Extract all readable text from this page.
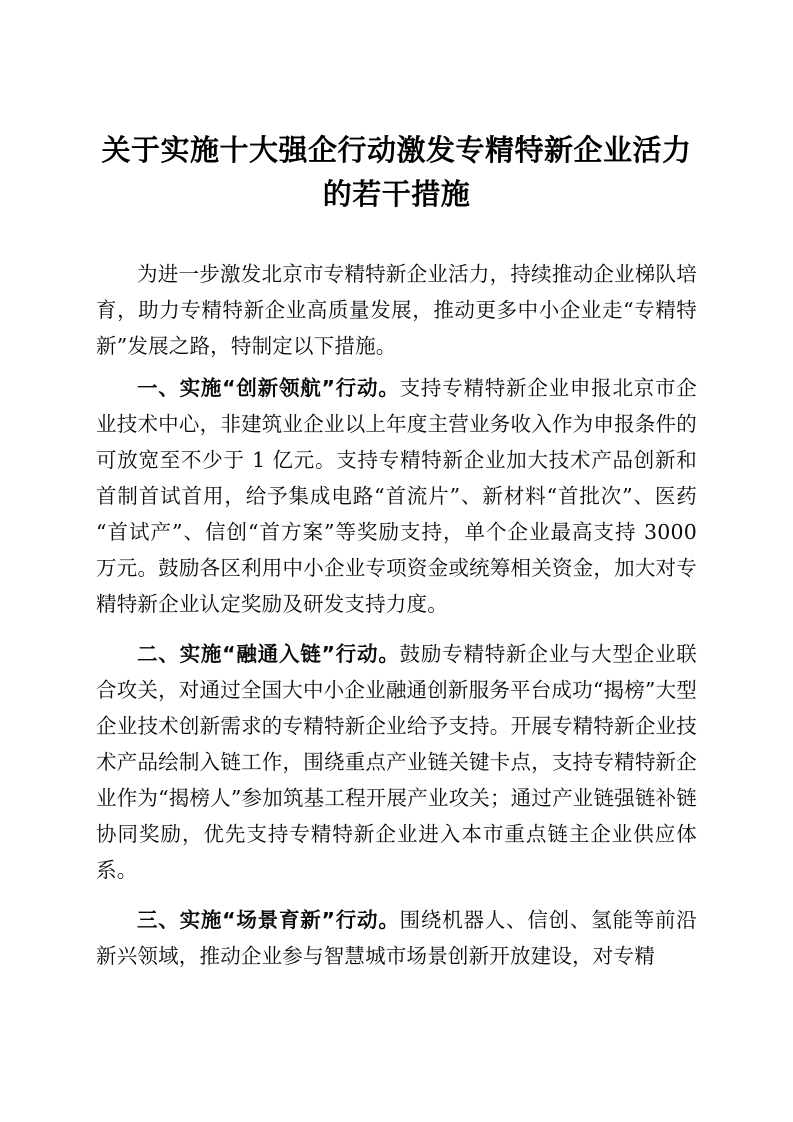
关于实施十大强企行动激发专精特新企业活力的若干措施

为进一步激发北京市专精特新企业活力，持续推动企业梯队培育，助力专精特新企业高质量发展，推动更多中小企业走“专精特新”发展之路，特制定以下措施。

一、实施“创新领航”行动。支持专精特新企业申报北京市企业技术中心，非建筑业企业以上年度主营业务收入作为申报条件的可放宽至不少于 1 亿元。支持专精特新企业加大技术产品创新和首制首试首用，给予集成电路“首流片”、新材料“首批次”、医药“首试产”、信创“首方案”等奖励支持，单个企业最高支持 3000 万元。鼓励各区利用中小企业专项资金或统筹相关资金，加大对专精特新企业认定奖励及研发支持力度。

二、实施“融通入链”行动。鼓励专精特新企业与大型企业联合攻关，对通过全国大中小企业融通创新服务平台成功“揭榜”大型企业技术创新需求的专精特新企业给予支持。开展专精特新企业技术产品绘制入链工作，围绕重点产业链关键卡点，支持专精特新企业作为“揭榜人”参加筑基工程开展产业攻关；通过产业链强链补链协同奖励，优先支持专精特新企业进入本市重点链主企业供应体系。

三、实施“场景育新”行动。围绕机器人、信创、氢能等前沿新兴领域，推动企业参与智慧城市场景创新开放建设，对专精
